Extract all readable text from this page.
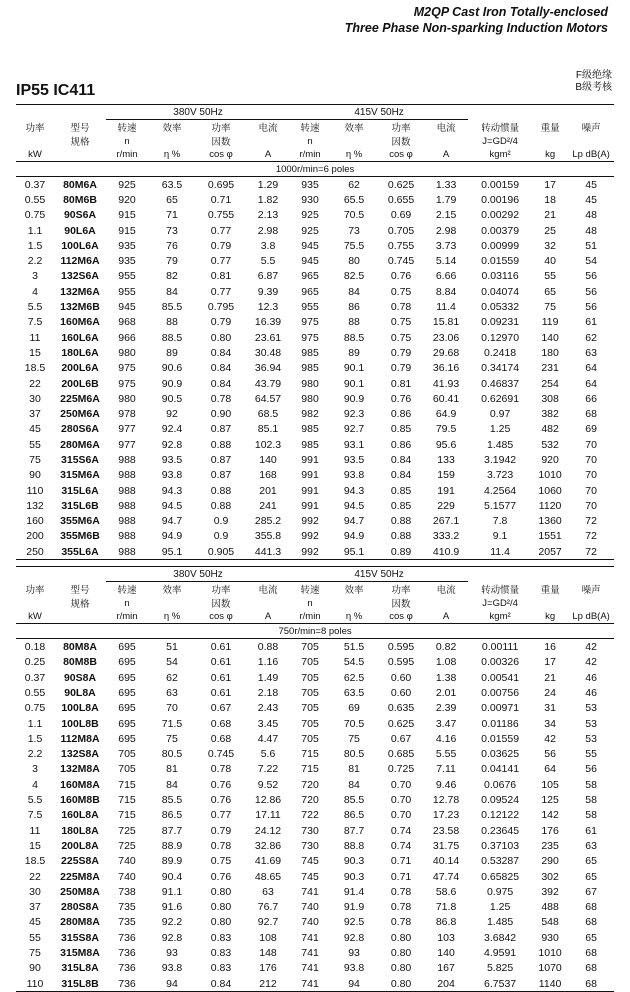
M2QP Cast Iron Totally-enclosed
Three Phase Non-sparking Induction Motors
IP55 IC411
F级绝缘
B级考核
		380V 50Hz				415V 50Hz						
功率	型号	转速	效率	功率	电流	转速	效率	功率	电流	转动惯量	重量	噪声
	规格	n		因数		n		因数		J=GD²/4		
kW		r/min	η %	cos φ	A	r/min	η %	cos φ	A	kgm²	kg	Lp dB(A)
1000r/min=6 poles												
0.37	80M6A	925	63.5	0.695	1.29	935	62	0.625	1.33	0.00159	17	45
0.55	80M6B	920	65	0.71	1.82	930	65.5	0.655	1.79	0.00196	18	45
0.75	90S6A	915	71	0.755	2.13	925	70.5	0.69	2.15	0.00292	21	48
1.1	90L6A	915	73	0.77	2.98	925	73	0.705	2.98	0.00379	25	48
1.5	100L6A	935	76	0.79	3.8	945	75.5	0.755	3.73	0.00999	32	51
2.2	112M6A	935	79	0.77	5.5	945	80	0.745	5.14	0.01559	40	54
3	132S6A	955	82	0.81	6.87	965	82.5	0.76	6.66	0.03116	55	56
4	132M6A	955	84	0.77	9.39	965	84	0.75	8.84	0.04074	65	56
5.5	132M6B	945	85.5	0.795	12.3	955	86	0.78	11.4	0.05332	75	56
7.5	160M6A	968	88	0.79	16.39	975	88	0.75	15.81	0.09231	119	61
11	160L6A	966	88.5	0.80	23.61	975	88.5	0.75	23.06	0.12970	140	62
15	180L6A	980	89	0.84	30.48	985	89	0.79	29.68	0.2418	180	63
18.5	200L6A	975	90.6	0.84	36.94	985	90.1	0.79	36.16	0.34174	231	64
22	200L6B	975	90.9	0.84	43.79	980	90.1	0.81	41.93	0.46837	254	64
30	225M6A	980	90.5	0.78	64.57	980	90.9	0.76	60.41	0.62691	308	66
37	250M6A	978	92	0.90	68.5	982	92.3	0.86	64.9	0.97	382	68
45	280S6A	977	92.4	0.87	85.1	985	92.7	0.85	79.5	1.25	482	69
55	280M6A	977	92.8	0.88	102.3	985	93.1	0.86	95.6	1.485	532	70
75	315S6A	988	93.5	0.87	140	991	93.5	0.84	133	3.1942	920	70
90	315M6A	988	93.8	0.87	168	991	93.8	0.84	159	3.723	1010	70
110	315L6A	988	94.3	0.88	201	991	94.3	0.85	191	4.2564	1060	70
132	315L6B	988	94.5	0.88	241	991	94.5	0.85	229	5.1577	1120	70
160	355M6A	988	94.7	0.9	285.2	992	94.7	0.88	267.1	7.8	1360	72
200	355M6B	988	94.9	0.9	355.8	992	94.9	0.88	333.2	9.1	1551	72
250	355L6A	988	95.1	0.905	441.3	992	95.1	0.89	410.9	11.4	2057	72

		380V 50Hz				415V 50Hz						
功率	型号	转速	效率	功率	电流	转速	效率	功率	电流	转动惯量	重量	噪声
	规格	n		因数		n		因数		J=GD²/4		
kW		r/min	η %	cos φ	A	r/min	η %	cos φ	A	kgm²	kg	Lp dB(A)
750r/min=8 poles												
0.18	80M8A	695	51	0.61	0.88	705	51.5	0.595	0.82	0.00111	16	42
0.25	80M8B	695	54	0.61	1.16	705	54.5	0.595	1.08	0.00326	17	42
0.37	90S8A	695	62	0.61	1.49	705	62.5	0.60	1.38	0.00541	21	46
0.55	90L8A	695	63	0.61	2.18	705	63.5	0.60	2.01	0.00756	24	46
0.75	100L8A	695	70	0.67	2.43	705	69	0.635	2.39	0.00971	31	53
1.1	100L8B	695	71.5	0.68	3.45	705	70.5	0.625	3.47	0.01186	34	53
1.5	112M8A	695	75	0.68	4.47	705	75	0.67	4.16	0.01559	42	53
2.2	132S8A	705	80.5	0.745	5.6	715	80.5	0.685	5.55	0.03625	56	55
3	132M8A	705	81	0.78	7.22	715	81	0.725	7.11	0.04141	64	56
4	160M8A	715	84	0.76	9.52	720	84	0.70	9.46	0.0676	105	58
5.5	160M8B	715	85.5	0.76	12.86	720	85.5	0.70	12.78	0.09524	125	58
7.5	160L8A	715	86.5	0.77	17.11	722	86.5	0.70	17.23	0.12122	142	58
11	180L8A	725	87.7	0.79	24.12	730	87.7	0.74	23.58	0.23645	176	61
15	200L8A	725	88.9	0.78	32.86	730	88.8	0.74	31.75	0.37103	235	63
18.5	225S8A	740	89.9	0.75	41.69	745	90.3	0.71	40.14	0.53287	290	65
22	225M8A	740	90.4	0.76	48.65	745	90.3	0.71	47.74	0.65825	302	65
30	250M8A	738	91.1	0.80	63	741	91.4	0.78	58.6	0.975	392	67
37	280S8A	735	91.6	0.80	76.7	740	91.9	0.78	71.8	1.25	488	68
45	280M8A	735	92.2	0.80	92.7	740	92.5	0.78	86.8	1.485	548	68
55	315S8A	736	92.8	0.83	108	741	92.8	0.80	103	3.6842	930	65
75	315M8A	736	93	0.83	148	741	93	0.80	140	4.9591	1010	68
90	315L8A	736	93.8	0.83	176	741	93.8	0.80	167	5.825	1070	68
110	315L8B	736	94	0.84	212	741	94	0.80	204	6.7537	1140	68
